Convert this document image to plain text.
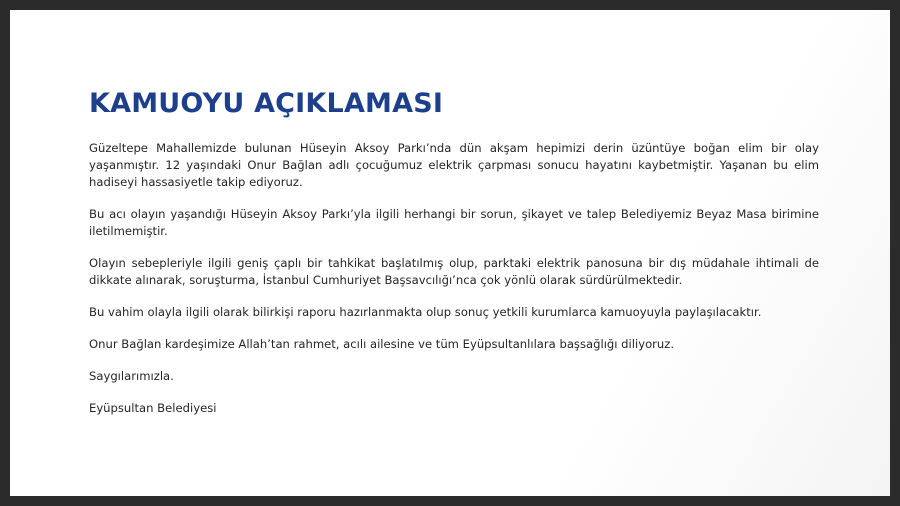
KAMUOYU AÇIKLAMASI

Güzeltepe Mahallemizde bulunan Hüseyin Aksoy Parkı’nda dün akşam hepimizi derin üzüntüye boğan elim bir olay yaşanmıştır. 12 yaşındaki Onur Bağlan adlı çocuğumuz elektrik çarpması sonucu hayatını kaybetmiştir. Yaşanan bu elim hadiseyi hassasiyetle takip ediyoruz.

Bu acı olayın yaşandığı Hüseyin Aksoy Parkı’yla ilgili herhangi bir sorun, şikayet ve talep Belediyemiz Beyaz Masa birimine iletilmemiştir.

Olayın sebepleriyle ilgili geniş çaplı bir tahkikat başlatılmış olup, parktaki elektrik panosuna bir dış müdahale ihtimali de dikkate alınarak, soruşturma, İstanbul Cumhuriyet Başsavcılığı’nca çok yönlü olarak sürdürülmektedir.

Bu vahim olayla ilgili olarak bilirkişi raporu hazırlanmakta olup sonuç yetkili kurumlarca kamuoyuyla paylaşılacaktır.

Onur Bağlan kardeşimize Allah’tan rahmet, acılı ailesine ve tüm Eyüpsultanlılara başsağlığı diliyoruz.

Saygılarımızla.

Eyüpsultan Belediyesi
